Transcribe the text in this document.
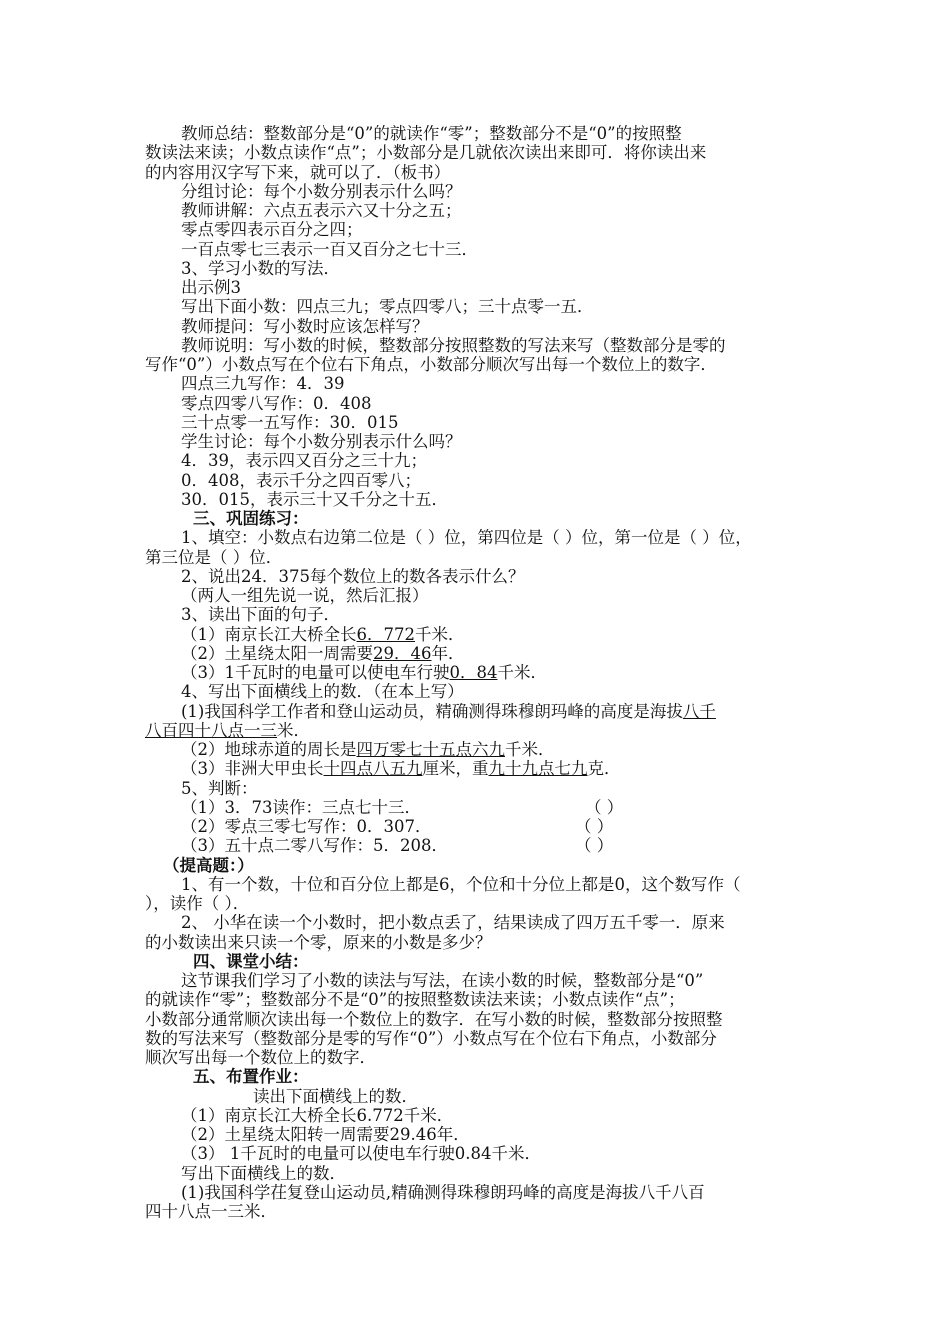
教师总结：整数部分是“0”的就读作“零”；整数部分不是“0”的按照整
数读法来读；小数点读作“点”；小数部分是几就依次读出来即可．将你读出来
的内容用汉字写下来，就可以了．（板书）
分组讨论：每个小数分别表示什么吗？
教师讲解：六点五表示六又十分之五；
零点零四表示百分之四；
一百点零七三表示一百又百分之七十三．
3、学习小数的写法．
出示例3
写出下面小数：四点三九；零点四零八；三十点零一五．
教师提问：写小数时应该怎样写？
教师说明：写小数的时候，整数部分按照整数的写法来写（整数部分是零的
写作“0”）小数点写在个位右下角点，小数部分顺次写出每一个数位上的数字．
四点三九写作：4．39
零点四零八写作：0．408
三十点零一五写作：30．015
学生讨论：每个小数分别表示什么吗？
4．39，表示四又百分之三十九；
0．408，表示千分之四百零八；
30．015，表示三十又千分之十五．
三、巩固练习：
1、填空：小数点右边第二位是（ ）位，第四位是（ ）位，第一位是（ ）位，
第三位是（ ）位．
2、说出24．375每个数位上的数各表示什么？
（两人一组先说一说，然后汇报）
3、读出下面的句子．
（1）南京长江大桥全长6．772千米．
（2）土星绕太阳一周需要29．46年．
（3）1千瓦时的电量可以使电车行驶0．84千米．
4、写出下面横线上的数．（在本上写）
(1)我国科学工作者和登山运动员，精确测得珠穆朗玛峰的高度是海拔八千
八百四十八点一三米．
（2）地球赤道的周长是四万零七十五点六九千米．
（3）非洲大甲虫长十四点八五九厘米，重九十九点七九克．
5、判断：
（1）3．73读作：三点七十三．	（ ）
（2）零点三零七写作：0．307．	（ ）
（3）五十点二零八写作：5．208．	（ ）
（提高题：）
1、有一个数，十位和百分位上都是6，个位和十分位上都是0，这个数写作（
），读作（ ）．
2、 小华在读一个小数时，把小数点丢了，结果读成了四万五千零一．原来
的小数读出来只读一个零，原来的小数是多少？
四、课堂小结：
这节课我们学习了小数的读法与写法，在读小数的时候，整数部分是“0”
的就读作“零”；整数部分不是“0”的按照整数读法来读；小数点读作“点”；
小数部分通常顺次读出每一个数位上的数字．在写小数的时候，整数部分按照整
数的写法来写（整数部分是零的写作“0”）小数点写在个位右下角点，小数部分
顺次写出每一个数位上的数字．
五、布置作业：
读出下面横线上的数．
（1）南京长江大桥全长6.772千米．
（2）土星绕太阳转一周需要29.46年．
（3） 1千瓦时的电量可以使电车行驶0.84千米．
写出下面横线上的数．
(1)我国科学茌复登山运动员,精确测得珠穆朗玛峰的高度是海拔八千八百
四十八点一三米．
